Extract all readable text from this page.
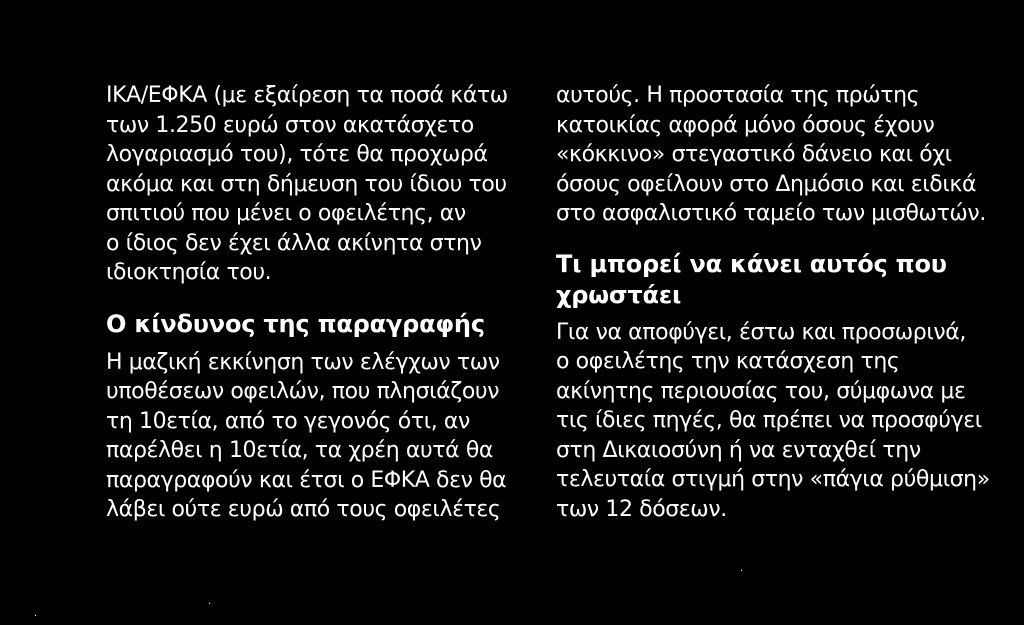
ΙΚΑ/ΕΦΚΑ (με εξαίρεση τα ποσά κάτω
των 1.250 ευρώ στον ακατάσχετο
λογαριασμό του), τότε θα προχωρά
ακόμα και στη δήμευση του ίδιου του
σπιτιού που μένει ο οφειλέτης, αν
ο ίδιος δεν έχει άλλα ακίνητα στην
ιδιοκτησία του.

Ο κίνδυνος της παραγραφής

Η μαζική εκκίνηση των ελέγχων των
υποθέσεων οφειλών, που πλησιάζουν
τη 10ετία, από το γεγονός ότι, αν
παρέλθει η 10ετία, τα χρέη αυτά θα
παραγραφούν και έτσι ο ΕΦΚΑ δεν θα
λάβει ούτε ευρώ από τους οφειλέτες

αυτούς. Η προστασία της πρώτης
κατοικίας αφορά μόνο όσους έχουν
«κόκκινο» στεγαστικό δάνειο και όχι
όσους οφείλουν στο Δημόσιο και ειδικά
στο ασφαλιστικό ταμείο των μισθωτών.

Τι μπορεί να κάνει αυτός που
χρωστάει

Για να αποφύγει, έστω και προσωρινά,
ο οφειλέτης την κατάσχεση της
ακίνητης περιουσίας του, σύμφωνα με
τις ίδιες πηγές, θα πρέπει να προσφύγει
στη Δικαιοσύνη ή να ενταχθεί την
τελευταία στιγμή στην «πάγια ρύθμιση»
των 12 δόσεων.

·
·
·
